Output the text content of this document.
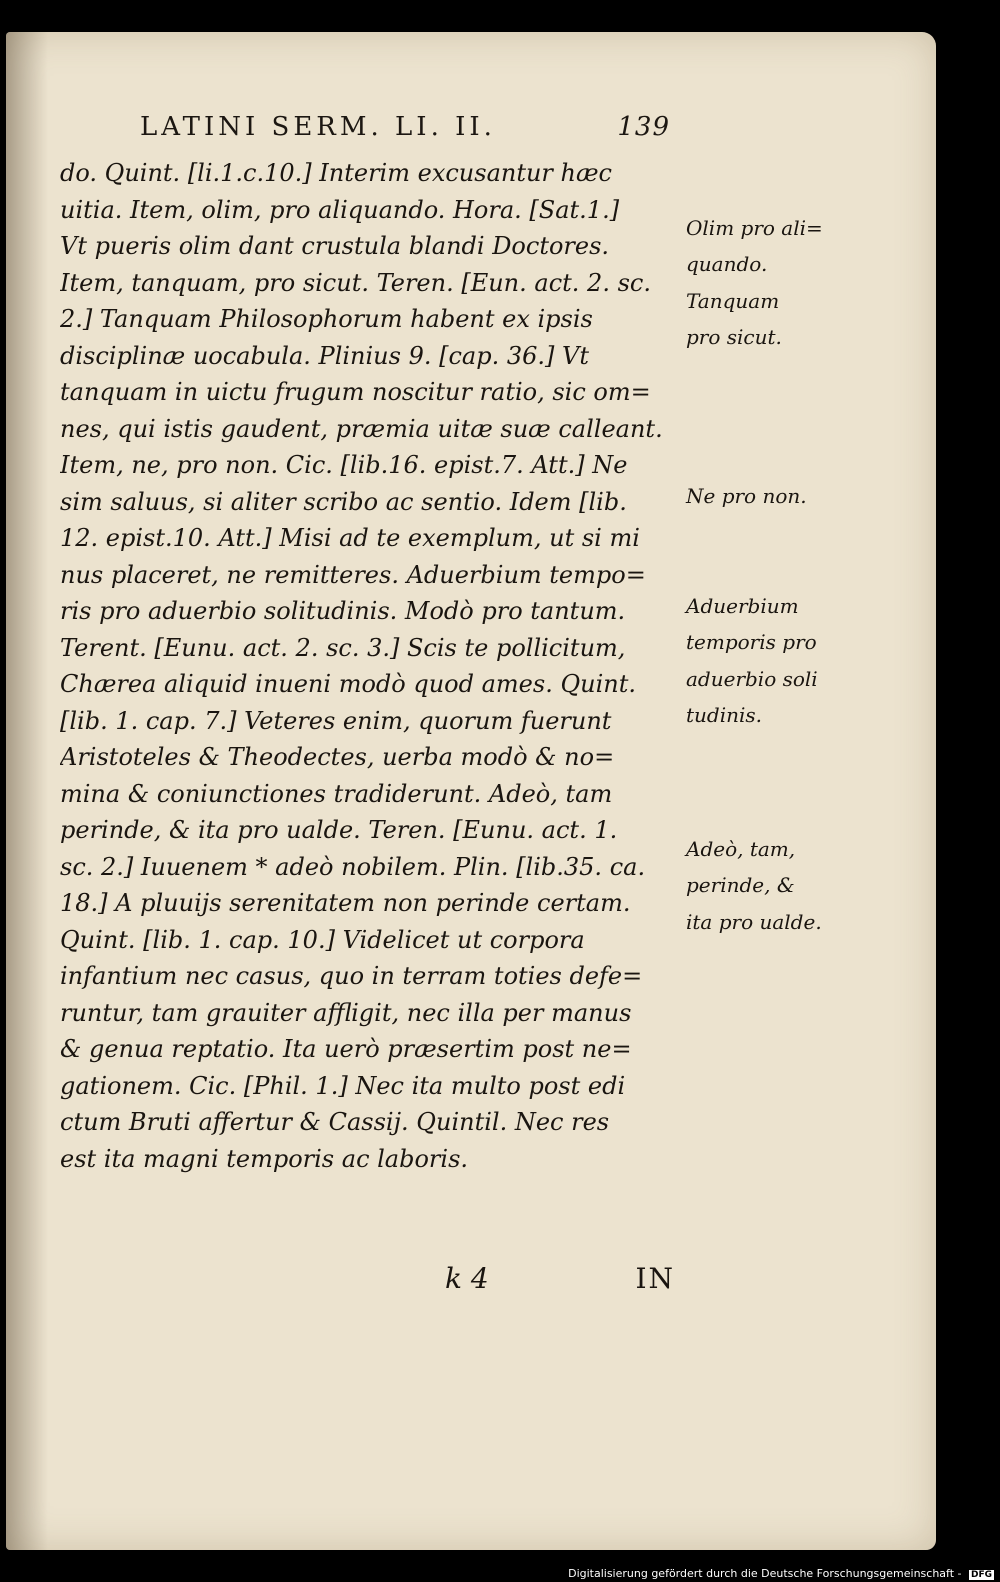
LATINI SERM. LI. II.	139
do. Quint. [li.1.c.10.] Interim excusantur hæc
uitia. Item, olim, pro aliquando. Hora. [Sat.1.]
Vt pueris olim dant crustula blandi Doctores.
Item, tanquam, pro sicut. Teren. [Eun. act. 2. sc.
2.] Tanquam Philosophorum habent ex ipsis
disciplinæ uocabula. Plinius 9. [cap. 36.] Vt
tanquam in uictu frugum noscitur ratio, sic om=
nes, qui istis gaudent, præmia uitæ suæ calleant.
Item, ne, pro non. Cic. [lib.16. epist.7. Att.] Ne
sim saluus, si aliter scribo ac sentio. Idem [lib.
12. epist.10. Att.] Misi ad te exemplum, ut si mi
nus placeret, ne remitteres. Aduerbium tempo=
ris pro aduerbio solitudinis. Modò pro tantum.
Terent. [Eunu. act. 2. sc. 3.] Scis te pollicitum,
Chærea aliquid inueni modò quod ames. Quint.
[lib. 1. cap. 7.] Veteres enim, quorum fuerunt
Aristoteles & Theodectes, uerba modò & no=
mina & coniunctiones tradiderunt. Adeò, tam
perinde, & ita pro ualde. Teren. [Eunu. act. 1.
sc. 2.] Iuuenem * adeò nobilem. Plin. [lib.35. ca.
18.] A pluuijs serenitatem non perinde certam.
Quint. [lib. 1. cap. 10.] Videlicet ut corpora
infantium nec casus, quo in terram toties defe=
runtur, tam grauiter affligit, nec illa per manus
& genua reptatio. Ita uerò præsertim post ne=
gationem. Cic. [Phil. 1.] Nec ita multo post edi
ctum Bruti affertur & Cassij. Quintil. Nec res
est ita magni temporis ac laboris.
Olim pro ali=
quando.
Tanquam
pro sicut.
Ne pro non.
Aduerbium
temporis pro
aduerbio soli
tudinis.
Adeò, tam,
perinde, &
ita pro ualde.
k 4	IN
Digitalisierung gefördert durch die Deutsche Forschungsgemeinschaft - DFG
